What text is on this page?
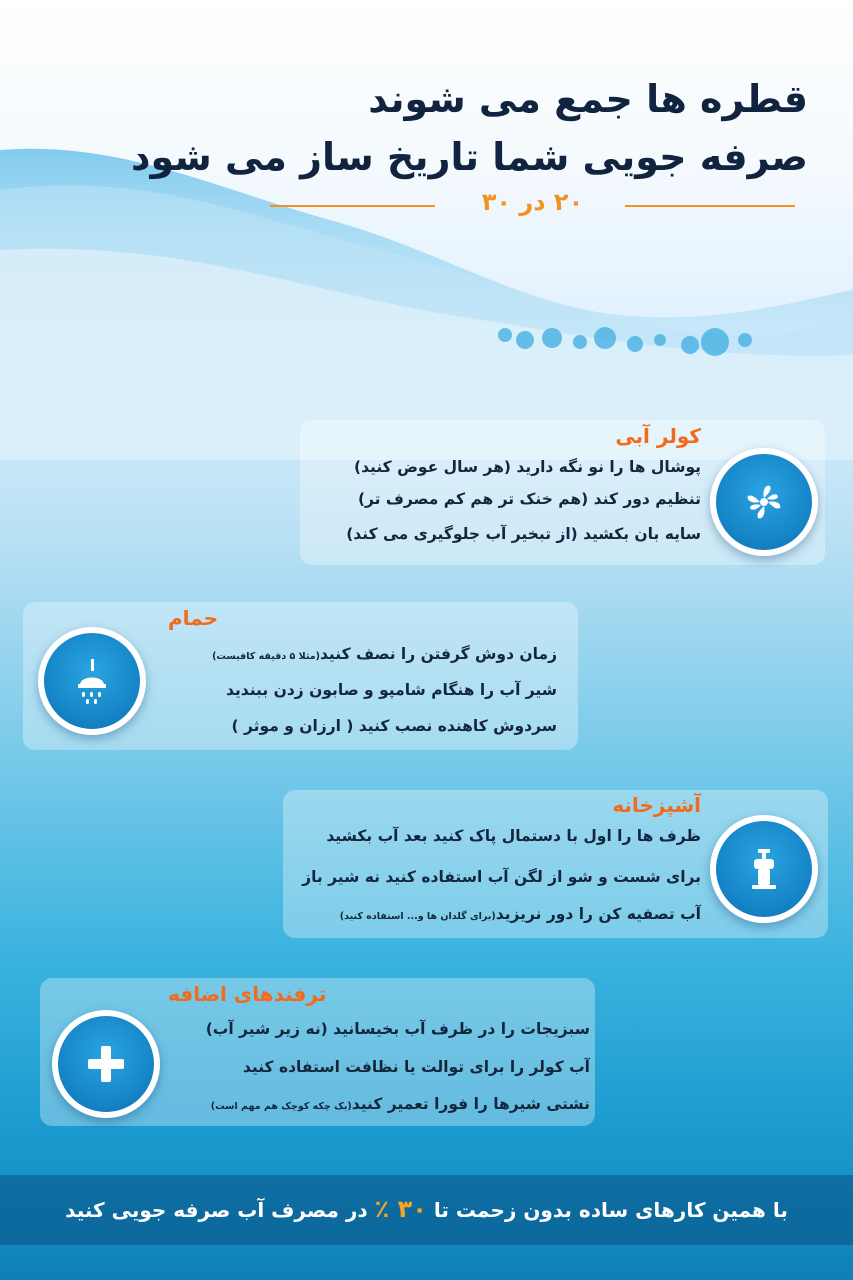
قطره ها جمع می شوند
صرفه جویی شما تاریخ ساز می شود
۲۰ در ۳۰
کولر آبی
پوشال ها را نو نگه دارید (هر سال عوض کنید)
تنظیم دور کند (هم خنک تر هم کم مصرف تر)
سایه بان بکشید (از تبخیر آب جلوگیری می کند)
حمام
زمان دوش گرفتن را نصف کنید(مثلا ۵ دقیقه کافیست)
شیر آب را هنگام شامپو و صابون زدن ببندید
سردوش کاهنده نصب کنید ( ارزان و موثر )
آشپزخانه
ظرف ها را اول با دستمال پاک کنید بعد آب بکشید
برای شست و شو از لگن آب استفاده کنید نه شیر باز
آب تصفیه کن را دور نریزید(برای گلدان ها و... استفاده کنید)
ترفندهای اضافه
سبزیجات را در ظرف آب بخیسانید (نه زیر شیر آب)
آب کولر را برای توالت یا نظافت استفاده کنید
نشتی شیرها را فورا تعمیر کنید(یک چکه کوچک هم مهم است)
با همین کارهای ساده بدون زحمت تا ۳۰ ٪ در مصرف آب صرفه جویی کنید
